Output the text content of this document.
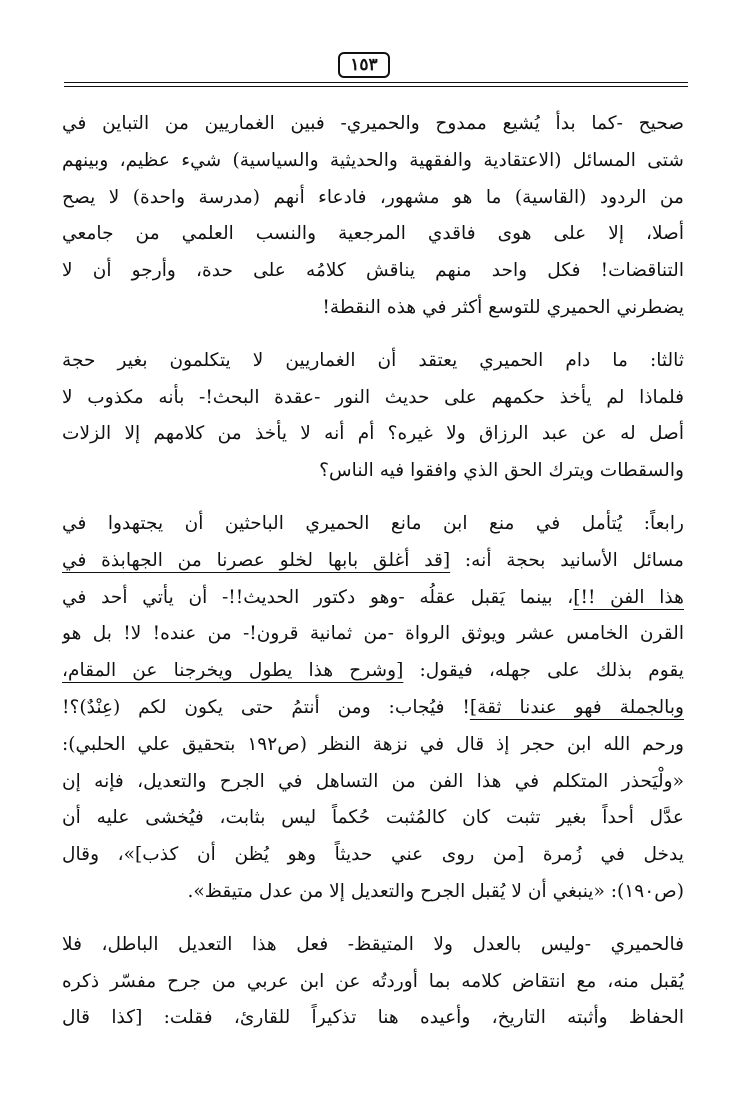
١٥٣

صحيح -كما بدأ يُشيع ممدوح والحميري- فبين الغماريين من التباين في
شتى المسائل (الاعتقادية والفقهية والحديثية والسياسية) شيء عظيم، وبينهم
من الردود (القاسية) ما هو مشهور، فادعاء أنهم (مدرسة واحدة) لا يصح
أصلا، إلا على هوى فاقدي المرجعية والنسب العلمي من جامعي
التناقضات! فكل واحد منهم يناقش كلامُه على حدة، وأرجو أن لا
يضطرني الحميري للتوسع أكثر في هذه النقطة!

ثالثا: ما دام الحميري يعتقد أن الغماريين لا يتكلمون بغير حجة
فلماذا لم يأخذ حكمهم على حديث النور -عقدة البحث!- بأنه مكذوب لا
أصل له عن عبد الرزاق ولا غيره؟ أم أنه لا يأخذ من كلامهم إلا الزلات
والسقطات ويترك الحق الذي وافقوا فيه الناس؟

رابعاً: يُتأمل في منع ابن مانع الحميري الباحثين أن يجتهدوا في
مسائل الأسانيد بحجة أنه: [قد أغلق بابها لخلو عصرنا من الجهابذة في
هذا الفن !!]، بينما يَقبل عقلُه -وهو دكتور الحديث!!- أن يأتي أحد في
القرن الخامس عشر ويوثق الرواة -من ثمانية قرون!- من عنده! لا! بل هو
يقوم بذلك على جهله، فيقول: [وشرح هذا يطول ويخرجنا عن المقام،
وبالجملة فهو عندنا ثقة]! فيُجاب: ومن أنتمُ حتى يكون لكم (عِنْدٌ)؟!
ورحم الله ابن حجر إذ قال في نزهة النظر (ص١٩٢ بتحقيق علي الحلبي):
«ولْيَحذر المتكلم في هذا الفن من التساهل في الجرح والتعديل، فإنه إن
عدَّل أحداً بغير تثبت كان كالمُثبت حُكماً ليس بثابت، فيُخشى عليه أن
يدخل في زُمرة [من روى عني حديثاً وهو يُظن أن كذب]»، وقال
(ص١٩٠): «ينبغي أن لا يُقبل الجرح والتعديل إلا من عدل متيقظ».

فالحميري -وليس بالعدل ولا المتيقظ- فعل هذا التعديل الباطل، فلا
يُقبل منه، مع انتقاض كلامه بما أوردتُه عن ابن عربي من جرح مفسّر ذكره
الحفاظ وأثبته التاريخ، وأعيده هنا تذكيراً للقارئ، فقلت: [كذا قال
